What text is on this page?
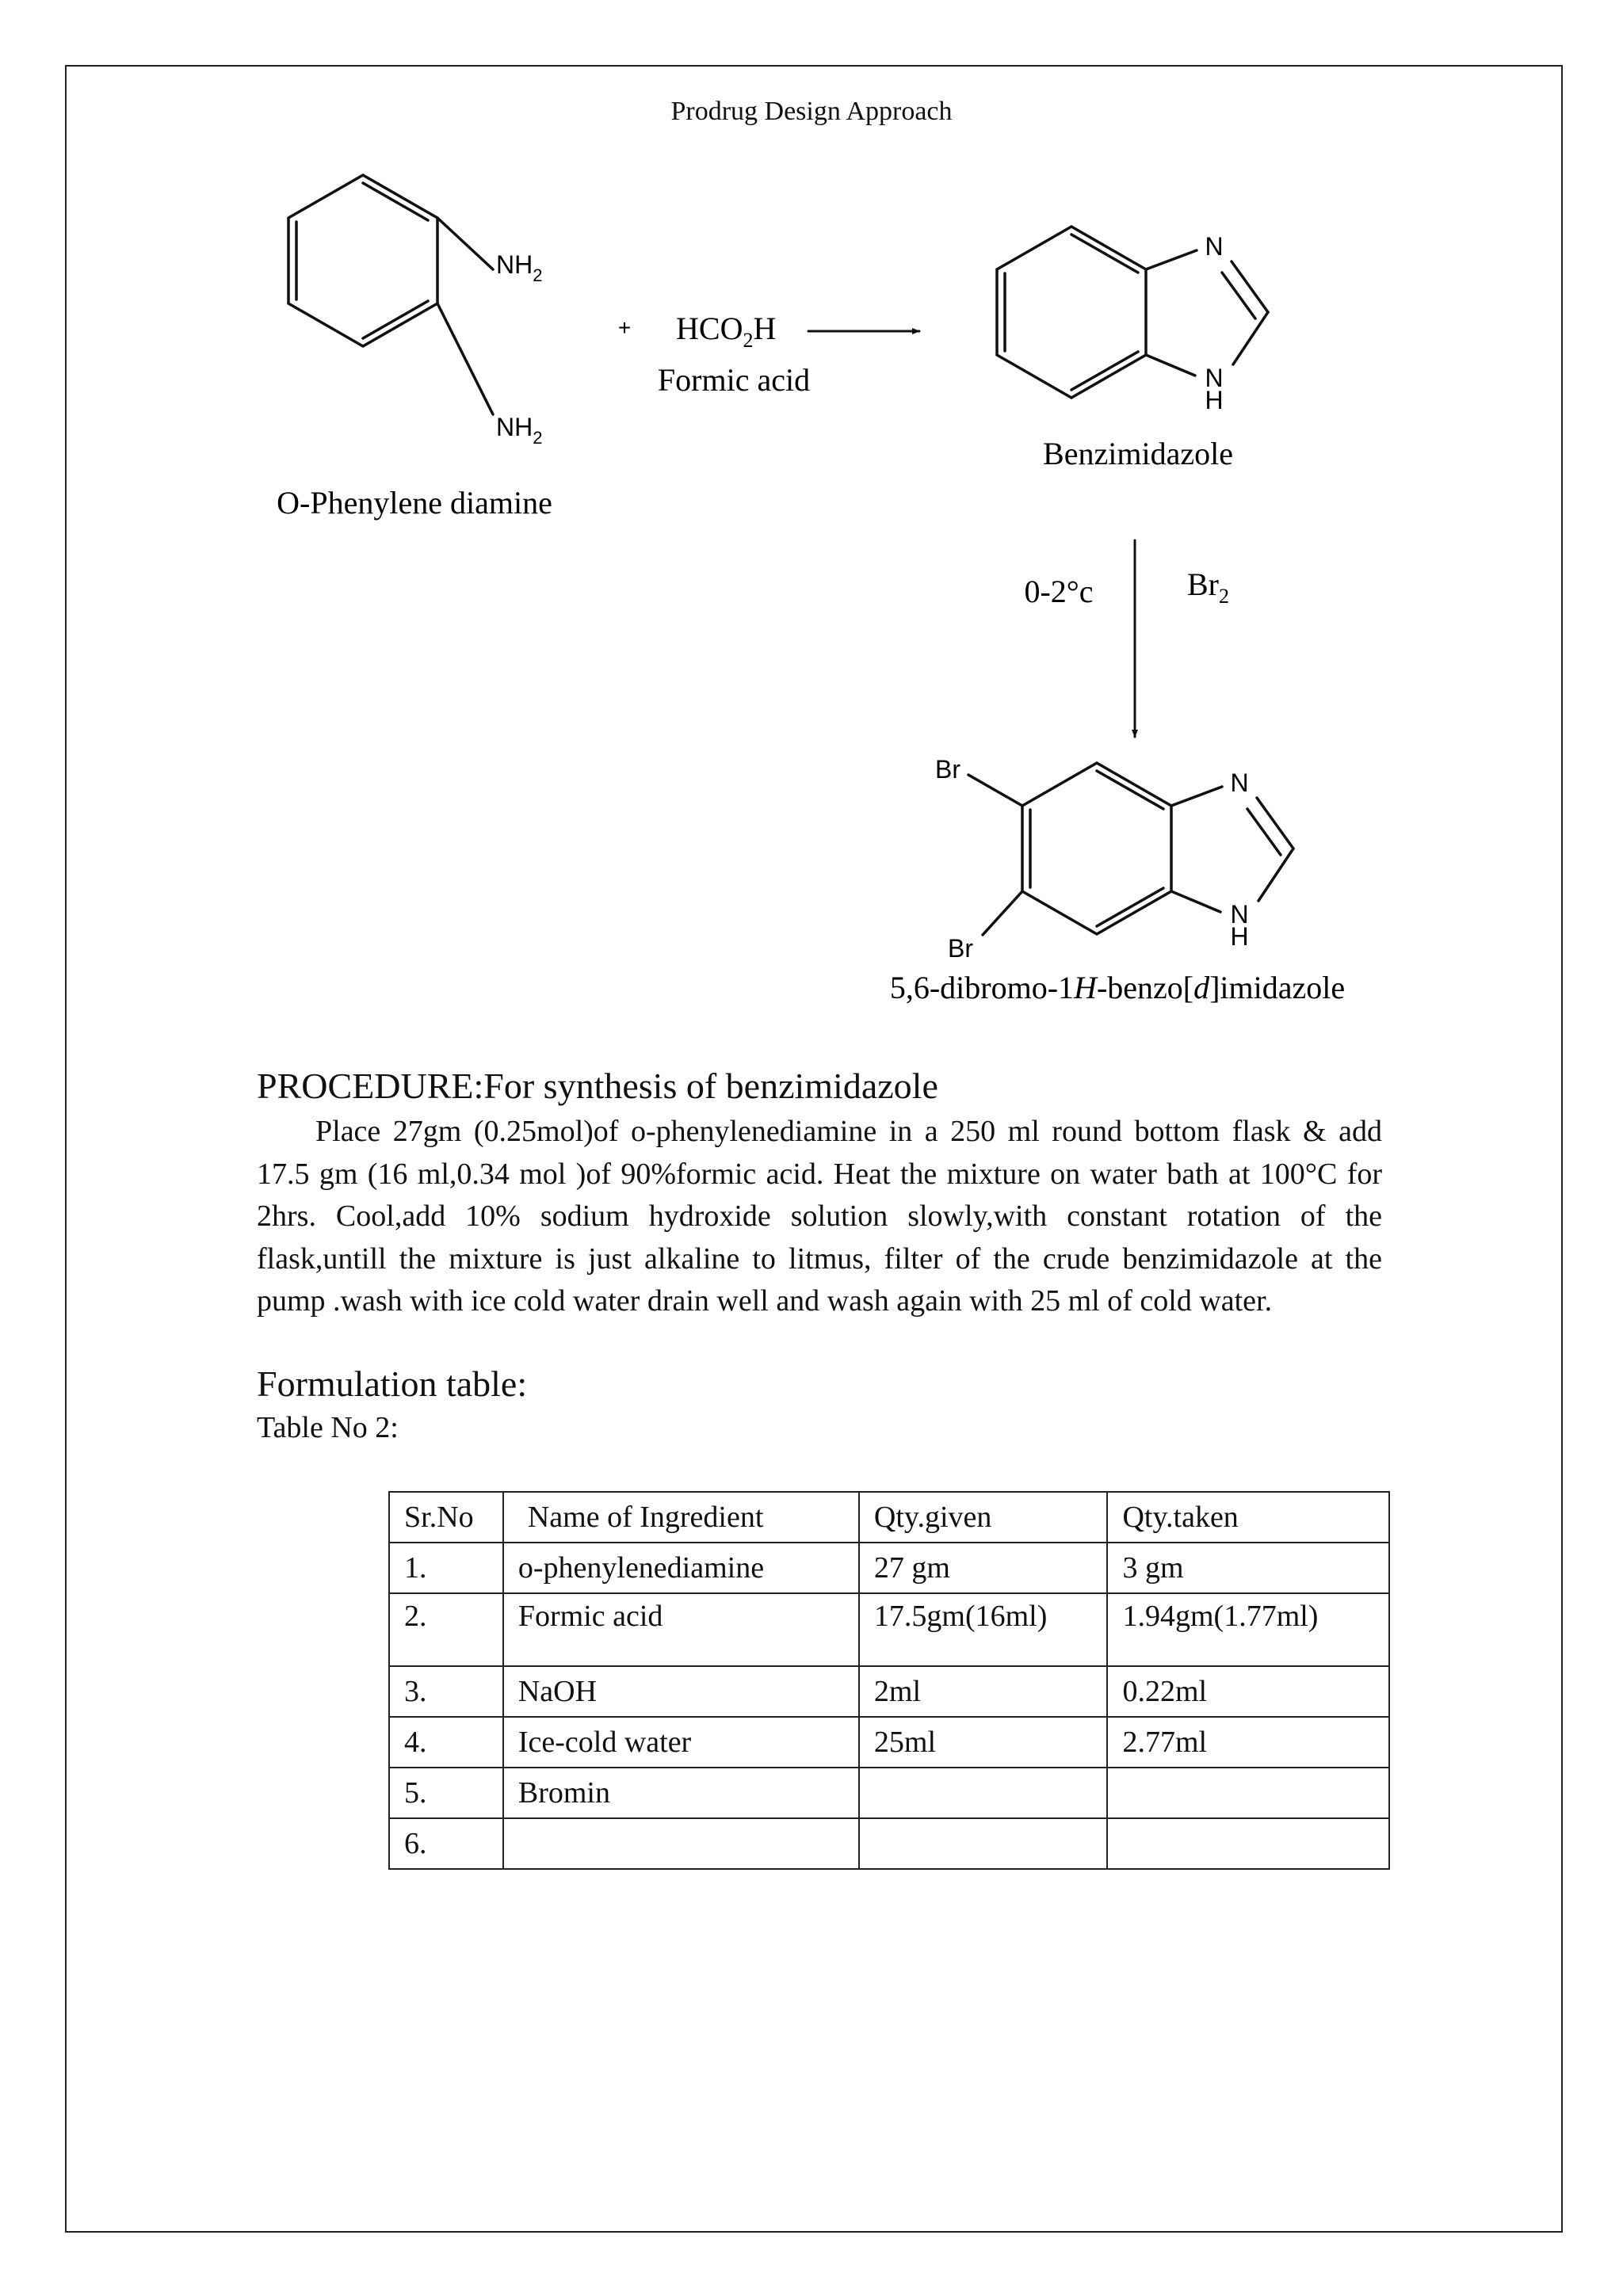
Prodrug Design Approach
$NH_2$
$NH_2$
O-Phenylene diamine
+ $HCO_2H$
Formic acid
N
N
H
Benzimidazole
0-2°c	$Br_2$
N
N
H
Br
Br
5,6-dibromo-1H-benzo[d]imidazole
PROCEDURE:For synthesis of benzimidazole
Place 27gm (0.25mol)of o-phenylenediamine in a 250 ml round bottom flask & add 17.5 gm (16 ml,0.34 mol )of 90%formic acid. Heat the mixture on water bath at 100°C for 2hrs. Cool,add 10% sodium hydroxide solution slowly,with constant rotation of the flask,untill the mixture is just alkaline to litmus, filter of the crude benzimidazole at the pump .wash with ice cold water drain well and wash again with 25 ml of cold water.
Formulation table:
Table No 2:
Sr.No	Name of Ingredient	Qty.given	Qty.taken
1.	o-phenylenediamine	27 gm	3 gm
2.	Formic acid	17.5gm(16ml)	1.94gm(1.77ml)
3.	NaOH	2ml	0.22ml
4.	Ice-cold water	25ml	2.77ml
5.	Bromin		
6.			
